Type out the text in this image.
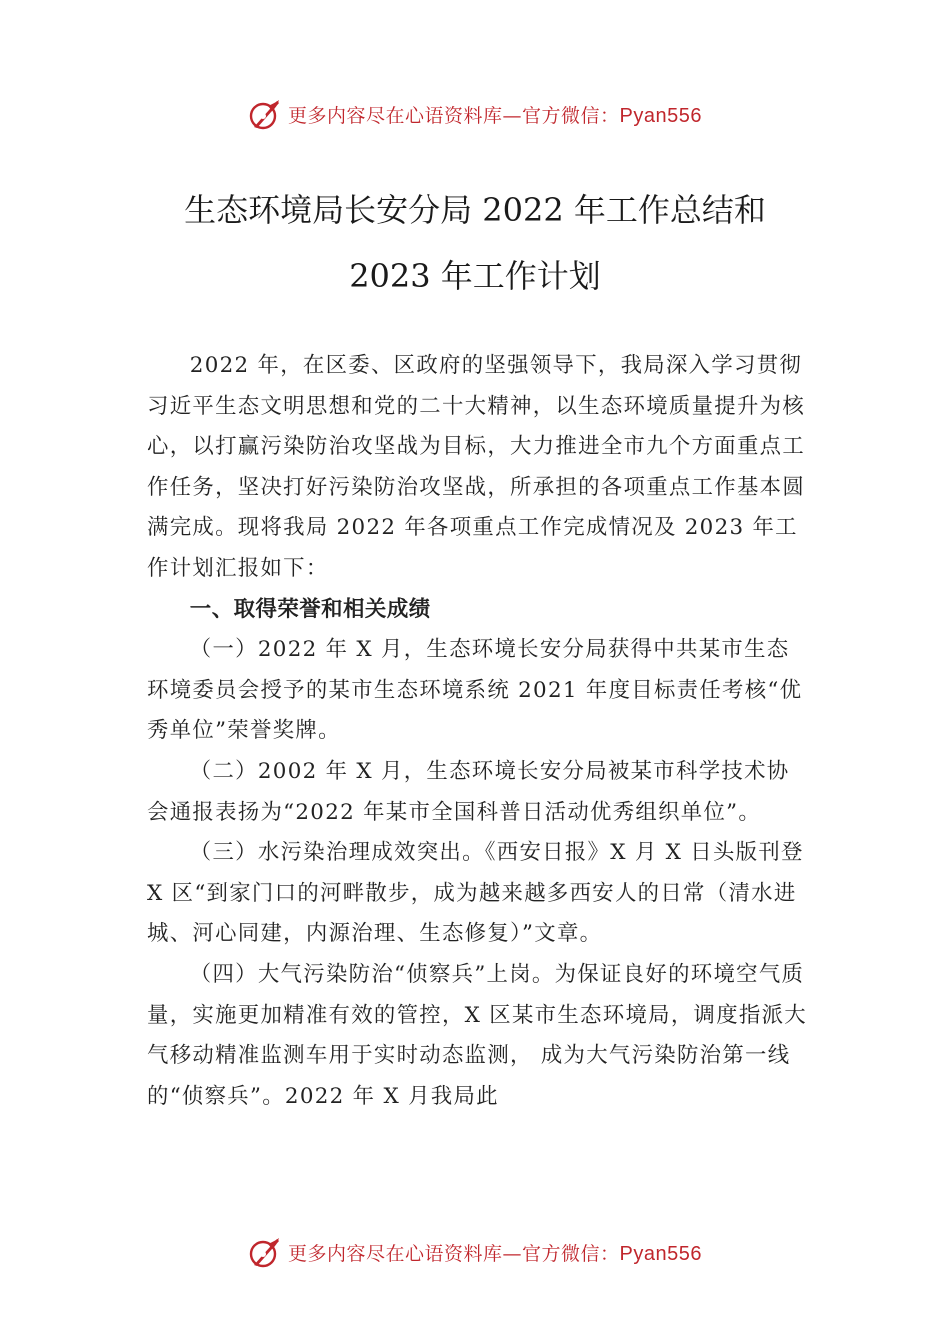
更多内容尽在心语资料库—官方微信：Pyan556
生态环境局长安分局 2022 年工作总结和
2023 年工作计划

2022 年，在区委、区政府的坚强领导下，我局深入学习贯彻习近平生态文明思想和党的二十大精神，以生态环境质量提升为核心，以打赢污染防治攻坚战为目标，大力推进全市九个方面重点工作任务，坚决打好污染防治攻坚战，所承担的各项重点工作基本圆满完成。现将我局 2022 年各项重点工作完成情况及 2023 年工作计划汇报如下：

一、取得荣誉和相关成绩

（一）2022 年 X 月，生态环境长安分局获得中共某市生态环境委员会授予的某市生态环境系统 2021 年度目标责任考核“优秀单位”荣誉奖牌。

（二）2002 年 X 月，生态环境长安分局被某市科学技术协会通报表扬为“2022 年某市全国科普日活动优秀组织单位”。

（三）水污染治理成效突出。《西安日报》X 月 X 日头版刊登 X 区“到家门口的河畔散步，成为越来越多西安人的日常（清水进城、河心同建，内源治理、生态修复）”文章。

（四）大气污染防治“侦察兵”上岗。为保证良好的环境空气质量，实施更加精准有效的管控，X 区某市生态环境局，调度指派大气移动精准监测车用于实时动态监测， 成为大气污染防治第一线的“侦察兵”。2022 年 X 月我局此

更多内容尽在心语资料库—官方微信：Pyan556
